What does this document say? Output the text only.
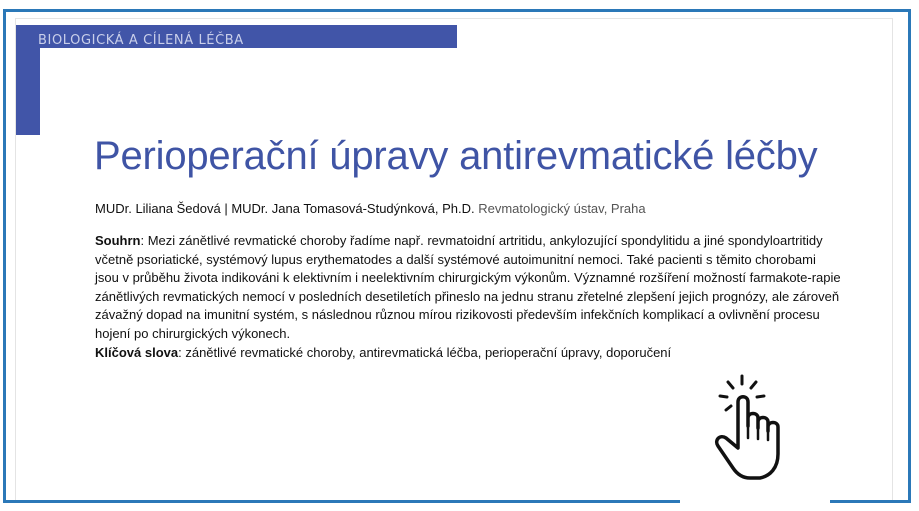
BIOLOGICKÁ A CÍLENÁ LÉČBA
Perioperační úpravy antirevmatické léčby
MUDr. Liliana Šedová | MUDr. Jana Tomasová-Studýnková, Ph.D. Revmatologický ústav, Praha

Souhrn: Mezi zánětlivé revmatické choroby řadíme např. revmatoidní artritidu, ankylozující spondylitidu a jiné spondyloartritidy včetně psoriatické, systémový lupus erythematodes a další systémové autoimunitní nemoci. Také pacienti s těmito chorobami jsou v průběhu života indikováni k elektivním i neelektivním chirurgickým výkonům. Významné rozšíření možností farmakote-rapie zánětlivých revmatických nemocí v posledních desetiletích přineslo na jednu stranu zřetelné zlepšení jejich prognózy, ale zároveň závažný dopad na imunitní systém, s následnou různou mírou rizikovosti především infekčních komplikací a ovlivnění procesu hojení po chirurgických výkonech.
Klíčová slova: zánětlivé revmatické choroby, antirevmatická léčba, perioperační úpravy, doporučení
